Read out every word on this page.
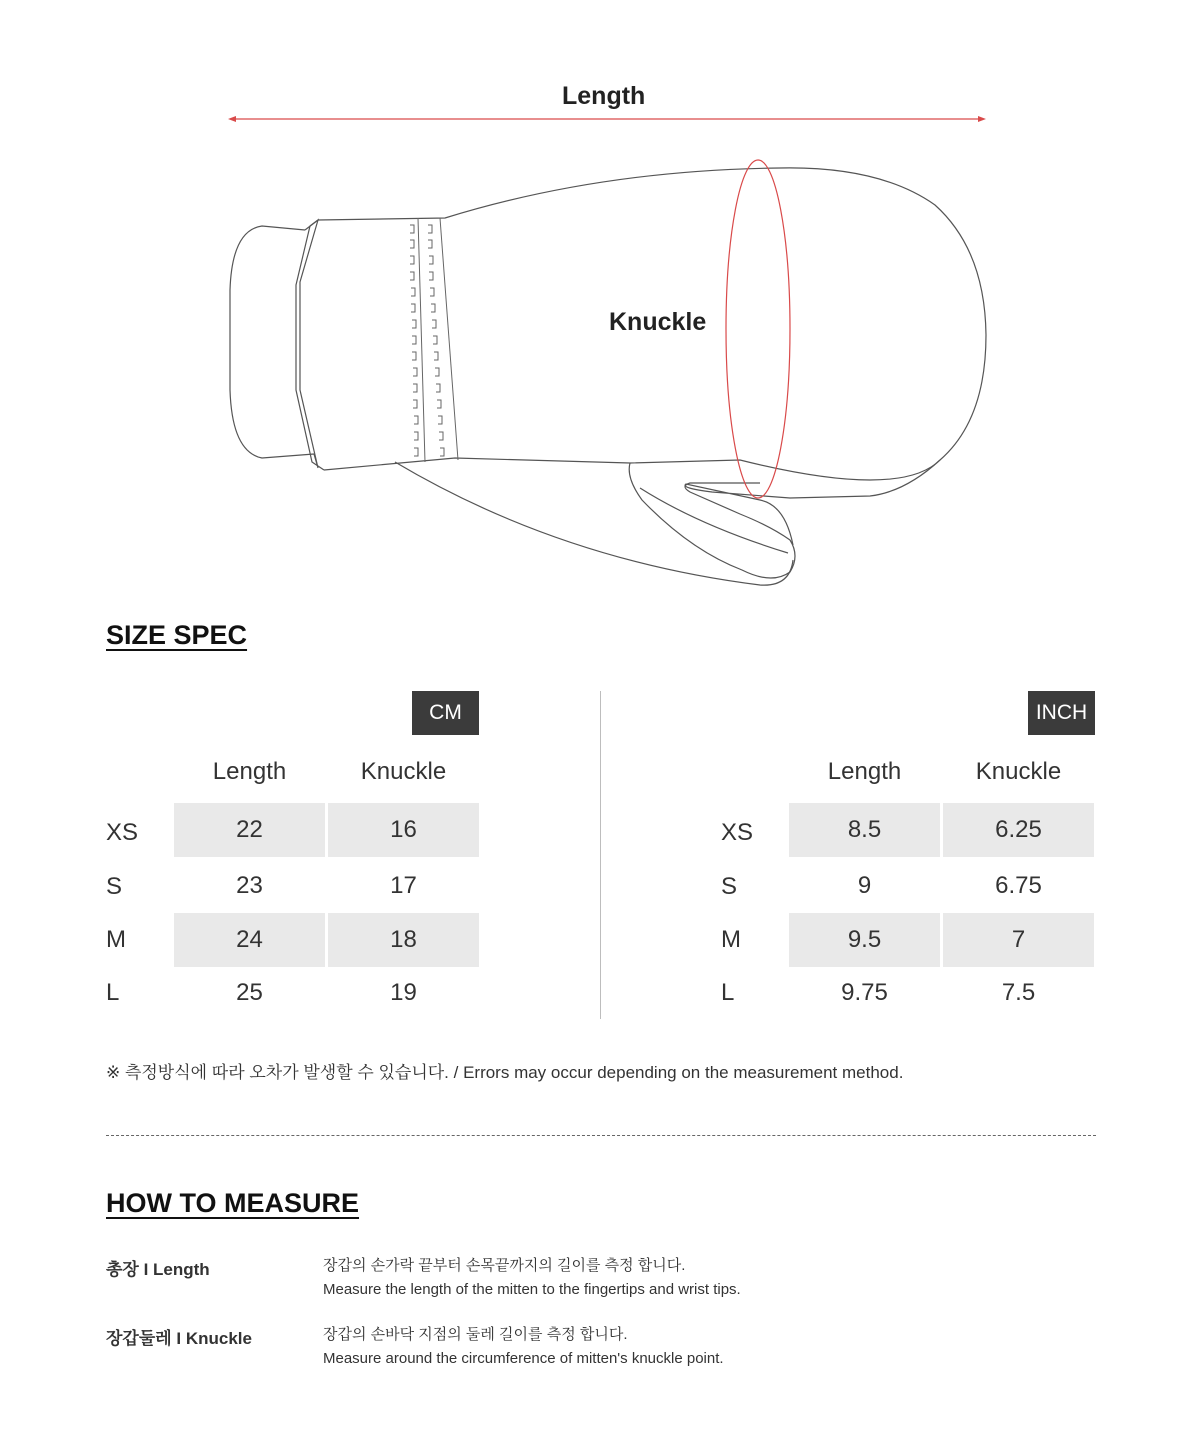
Length
Knuckle
SIZE SPEC
CM
Length	Knuckle
XS	22	16
S	23	17
M	24	18
L	25	19
INCH
Length	Knuckle
XS	8.5	6.25
S	9	6.75
M	9.5	7
L	9.75	7.5
※ 측정방식에 따라 오차가 발생할 수 있습니다. / Errors may occur depending on the measurement method.
HOW TO MEASURE
총장 I Length	장갑의 손가락 끝부터 손목끝까지의 길이를 측정 합니다.
Measure the length of the mitten to the fingertips and wrist tips.
장갑둘레 I Knuckle	장갑의 손바닥 지점의 둘레 길이를 측정 합니다.
Measure around the circumference of mitten's knuckle point.
